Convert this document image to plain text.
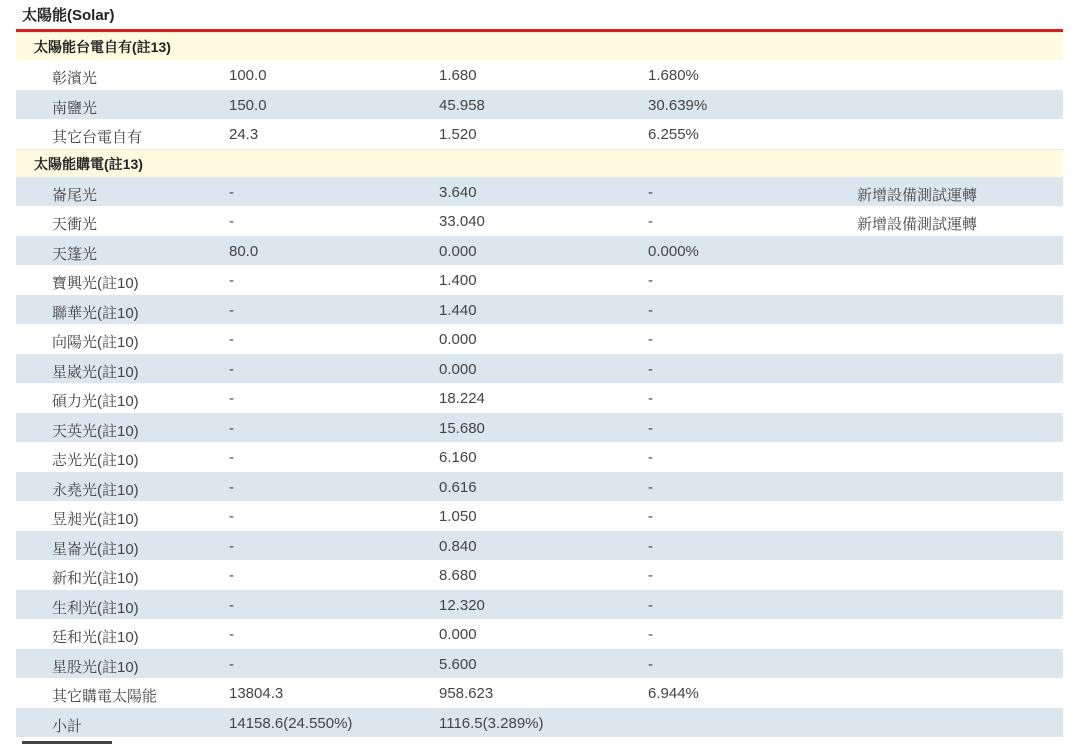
太陽能(Solar)
太陽能台電自有(註13)
彰濱光	100.0	1.680	1.680%
南鹽光	150.0	45.958	30.639%
其它台電自有	24.3	1.520	6.255%
太陽能購電(註13)
崙尾光	-	3.640	-	新增設備測試運轉
天衝光	-	33.040	-	新增設備測試運轉
天篷光	80.0	0.000	0.000%
寶興光(註10)	-	1.400	-
聯華光(註10)	-	1.440	-
向陽光(註10)	-	0.000	-
星崴光(註10)	-	0.000	-
碩力光(註10)	-	18.224	-
天英光(註10)	-	15.680	-
志光光(註10)	-	6.160	-
永堯光(註10)	-	0.616	-
昱昶光(註10)	-	1.050	-
星崙光(註10)	-	0.840	-
新和光(註10)	-	8.680	-
生利光(註10)	-	12.320	-
廷和光(註10)	-	0.000	-
星股光(註10)	-	5.600	-
其它購電太陽能	13804.3	958.623	6.944%
小計	14158.6(24.550%)	1116.5(3.289%)
